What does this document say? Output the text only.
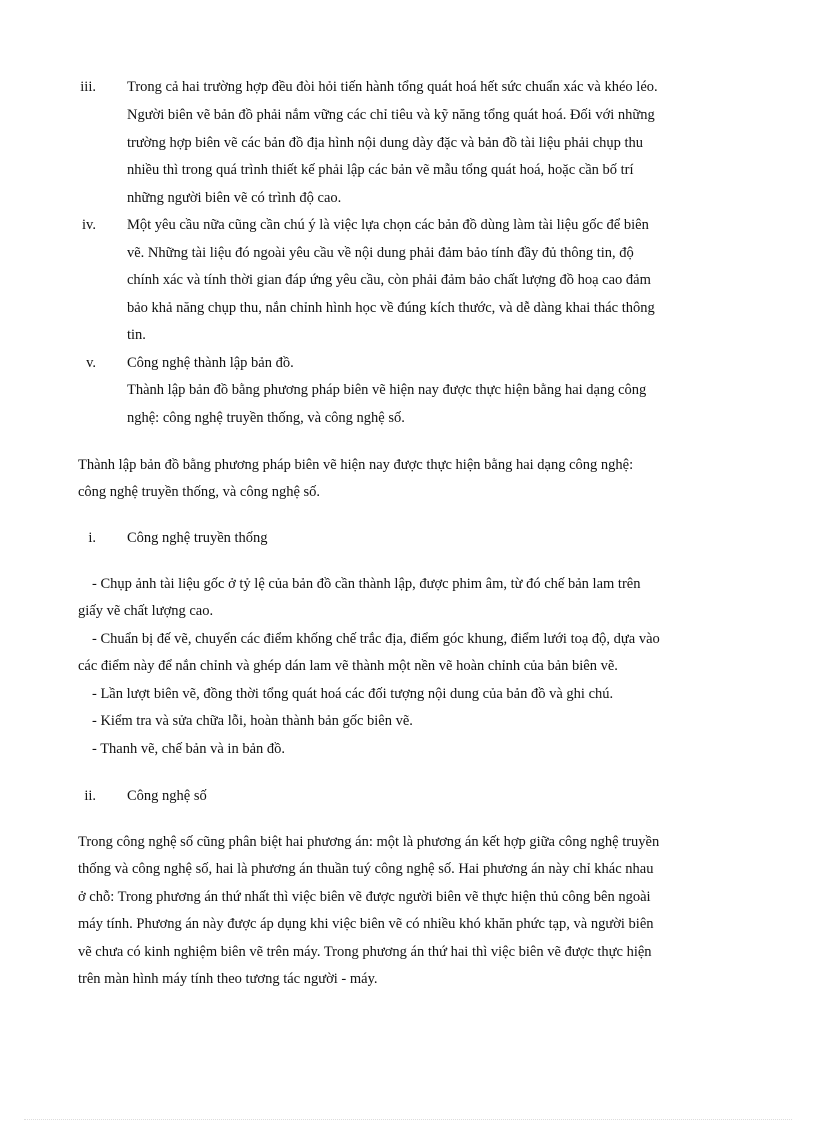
iii. Trong cả hai trường hợp đều đòi hỏi tiến hành tổng quát hoá hết sức chuẩn xác và khéo léo.
Người biên vẽ bản đồ phải nắm vững các chỉ tiêu và kỹ năng tổng quát hoá. Đối với những
trường hợp biên vẽ các bản đồ địa hình nội dung dày đặc và bản đồ tài liệu phải chụp thu
nhiều thì trong quá trình thiết kế phải lập các bản vẽ mẫu tổng quát hoá, hoặc cần bố trí
những người biên vẽ có trình độ cao.
iv. Một yêu cầu nữa cũng cần chú ý là việc lựa chọn các bản đồ dùng làm tài liệu gốc để biên
vẽ. Những tài liệu đó ngoài yêu cầu về nội dung phải đảm bảo tính đầy đủ thông tin, độ
chính xác và tính thời gian đáp ứng yêu cầu, còn phải đảm bảo chất lượng đồ hoạ cao đảm
bảo khả năng chụp thu, nắn chỉnh hình học về đúng kích thước, và dễ dàng khai thác thông
tin.
v. Công nghệ thành lập bản đồ.
Thành lập bản đồ bằng phương pháp biên vẽ hiện nay được thực hiện bằng hai dạng công
nghệ: công nghệ truyền thống, và công nghệ số.
Thành lập bản đồ bằng phương pháp biên vẽ hiện nay được thực hiện bằng hai dạng công nghệ:
công nghệ truyền thống, và công nghệ số.
i. Công nghệ truyền thống
- Chụp ảnh tài liệu gốc ở tỷ lệ của bản đồ cần thành lập, được phim âm, từ đó chế bản lam trên
giấy vẽ chất lượng cao.
- Chuẩn bị đế vẽ, chuyển các điểm khống chế trắc địa, điểm góc khung, điểm lưới toạ độ, dựa vào
các điểm này để nắn chỉnh và ghép dán lam vẽ thành một nền vẽ hoàn chỉnh của bản biên vẽ.
- Lần lượt biên vẽ, đồng thời tổng quát hoá các đối tượng nội dung của bản đồ và ghi chú.
- Kiểm tra và sửa chữa lỗi, hoàn thành bản gốc biên vẽ.
- Thanh vẽ, chế bản và in bản đồ.
ii. Công nghệ số
Trong công nghệ số cũng phân biệt hai phương án: một là phương án kết hợp giữa công nghệ truyền
thống và công nghệ số, hai là phương án thuần tuý công nghệ số. Hai phương án này chỉ khác nhau
ở chỗ: Trong phương án thứ nhất thì việc biên vẽ được người biên vẽ thực hiện thủ công bên ngoài
máy tính. Phương án này được áp dụng khi việc biên vẽ có nhiều khó khăn phức tạp, và người biên
vẽ chưa có kinh nghiệm biên vẽ trên máy. Trong phương án thứ hai thì việc biên vẽ được thực hiện
trên màn hình máy tính theo tương tác người - máy.
